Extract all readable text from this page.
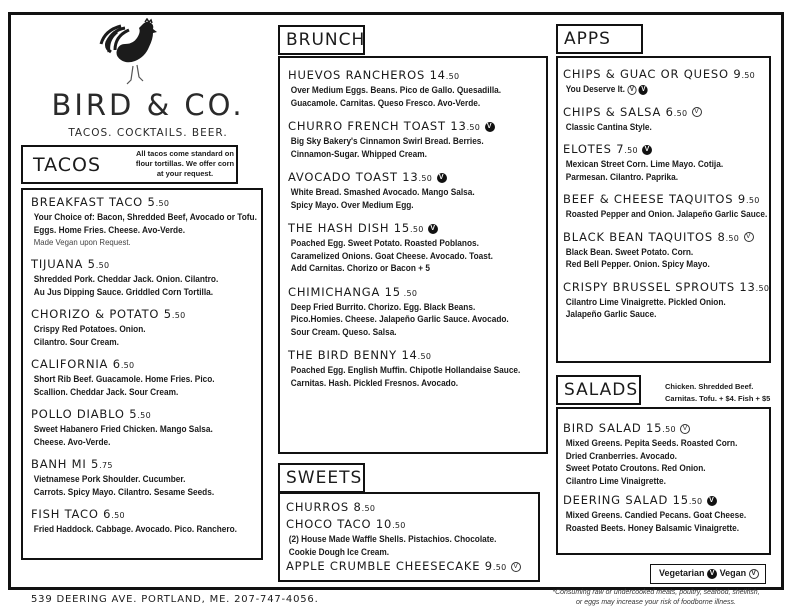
BIRD & CO.
TACOS. COCKTAILS. BEER.
TACOS
All tacos come standard on flour tortillas. We offer corn at your request.
BREAKFAST TACO 5.50
Your Choice of: Bacon, Shredded Beef, Avocado or Tofu.
Eggs. Home Fries. Cheese. Avo-Verde.
Made Vegan upon Request.
TIJUANA 5.50
Shredded Pork. Cheddar Jack. Onion. Cilantro.
Au Jus Dipping Sauce. Griddled Corn Tortilla.
CHORIZO & POTATO 5.50
Crispy Red Potatoes. Onion.
Cilantro. Sour Cream.
CALIFORNIA 6.50
Short Rib Beef. Guacamole. Home Fries. Pico.
Scallion. Cheddar Jack. Sour Cream.
POLLO DIABLO 5.50
Sweet Habanero Fried Chicken. Mango Salsa.
Cheese. Avo-Verde.
BANH MI 5.75
Vietnamese Pork Shoulder. Cucumber.
Carrots. Spicy Mayo. Cilantro. Sesame Seeds.
FISH TACO 6.50
Fried Haddock. Cabbage. Avocado. Pico. Ranchero.
BRUNCH
HUEVOS RANCHEROS 14.50
Over Medium Eggs. Beans. Pico de Gallo. Quesadilla.
Guacamole. Carnitas. Queso Fresco. Avo-Verde.
CHURRO FRENCH TOAST 13.50 V
Big Sky Bakery's Cinnamon Swirl Bread. Berries.
Cinnamon-Sugar. Whipped Cream.
AVOCADO TOAST 13.50 V
White Bread. Smashed Avocado. Mango Salsa.
Spicy Mayo. Over Medium Egg.
THE HASH DISH 15.50 V
Poached Egg. Sweet Potato. Roasted Poblanos.
Caramelized Onions. Goat Cheese. Avocado. Toast.
Add Carnitas. Chorizo or Bacon + 5
CHIMICHANGA 15 .50
Deep Fried Burrito. Chorizo. Egg. Black Beans.
Pico.Homies. Cheese. Jalapeño Garlic Sauce. Avocado.
Sour Cream. Queso. Salsa.
THE BIRD BENNY 14.50
Poached Egg. English Muffin. Chipotle Hollandaise Sauce.
Carnitas. Hash. Pickled Fresnos. Avocado.
SWEETS
CHURROS 8.50
CHOCO TACO 10.50
(2) House Made Waffle Shells. Pistachios. Chocolate.
Cookie Dough Ice Cream.
APPLE CRUMBLE CHEESECAKE 9.50 V
APPS
CHIPS & GUAC OR QUESO 9.50
You Deserve It. V V
CHIPS & SALSA 6.50 V
Classic Cantina Style.
ELOTES 7.50 V
Mexican Street Corn. Lime Mayo. Cotija.
Parmesan. Cilantro. Paprika.
BEEF & CHEESE TAQUITOS 9.50
Roasted Pepper and Onion. Jalapeño Garlic Sauce.
BLACK BEAN TAQUITOS 8.50 V
Black Bean. Sweet Potato. Corn.
Red Bell Pepper. Onion. Spicy Mayo.
CRISPY BRUSSEL SPROUTS 13.50
Cilantro Lime Vinaigrette. Pickled Onion.
Jalapeño Garlic Sauce.
SALADS	Chicken. Shredded Beef.
Carnitas. Tofu. + $4. Fish + $5
BIRD SALAD 15.50 V
Mixed Greens. Pepita Seeds. Roasted Corn.
Dried Cranberries. Avocado.
Sweet Potato Croutons. Red Onion.
Cilantro Lime Vinaigrette.
DEERING SALAD 15.50 V
Mixed Greens. Candied Pecans. Goat Cheese.
Roasted Beets. Honey Balsamic Vinaigrette.
Vegetarian V Vegan V
539 DEERING AVE. PORTLAND, ME. 207-747-4056.
*Consuming raw or undercooked meats, poultry, seafood, shellfish,
or eggs may increase your risk of foodborne illness.
